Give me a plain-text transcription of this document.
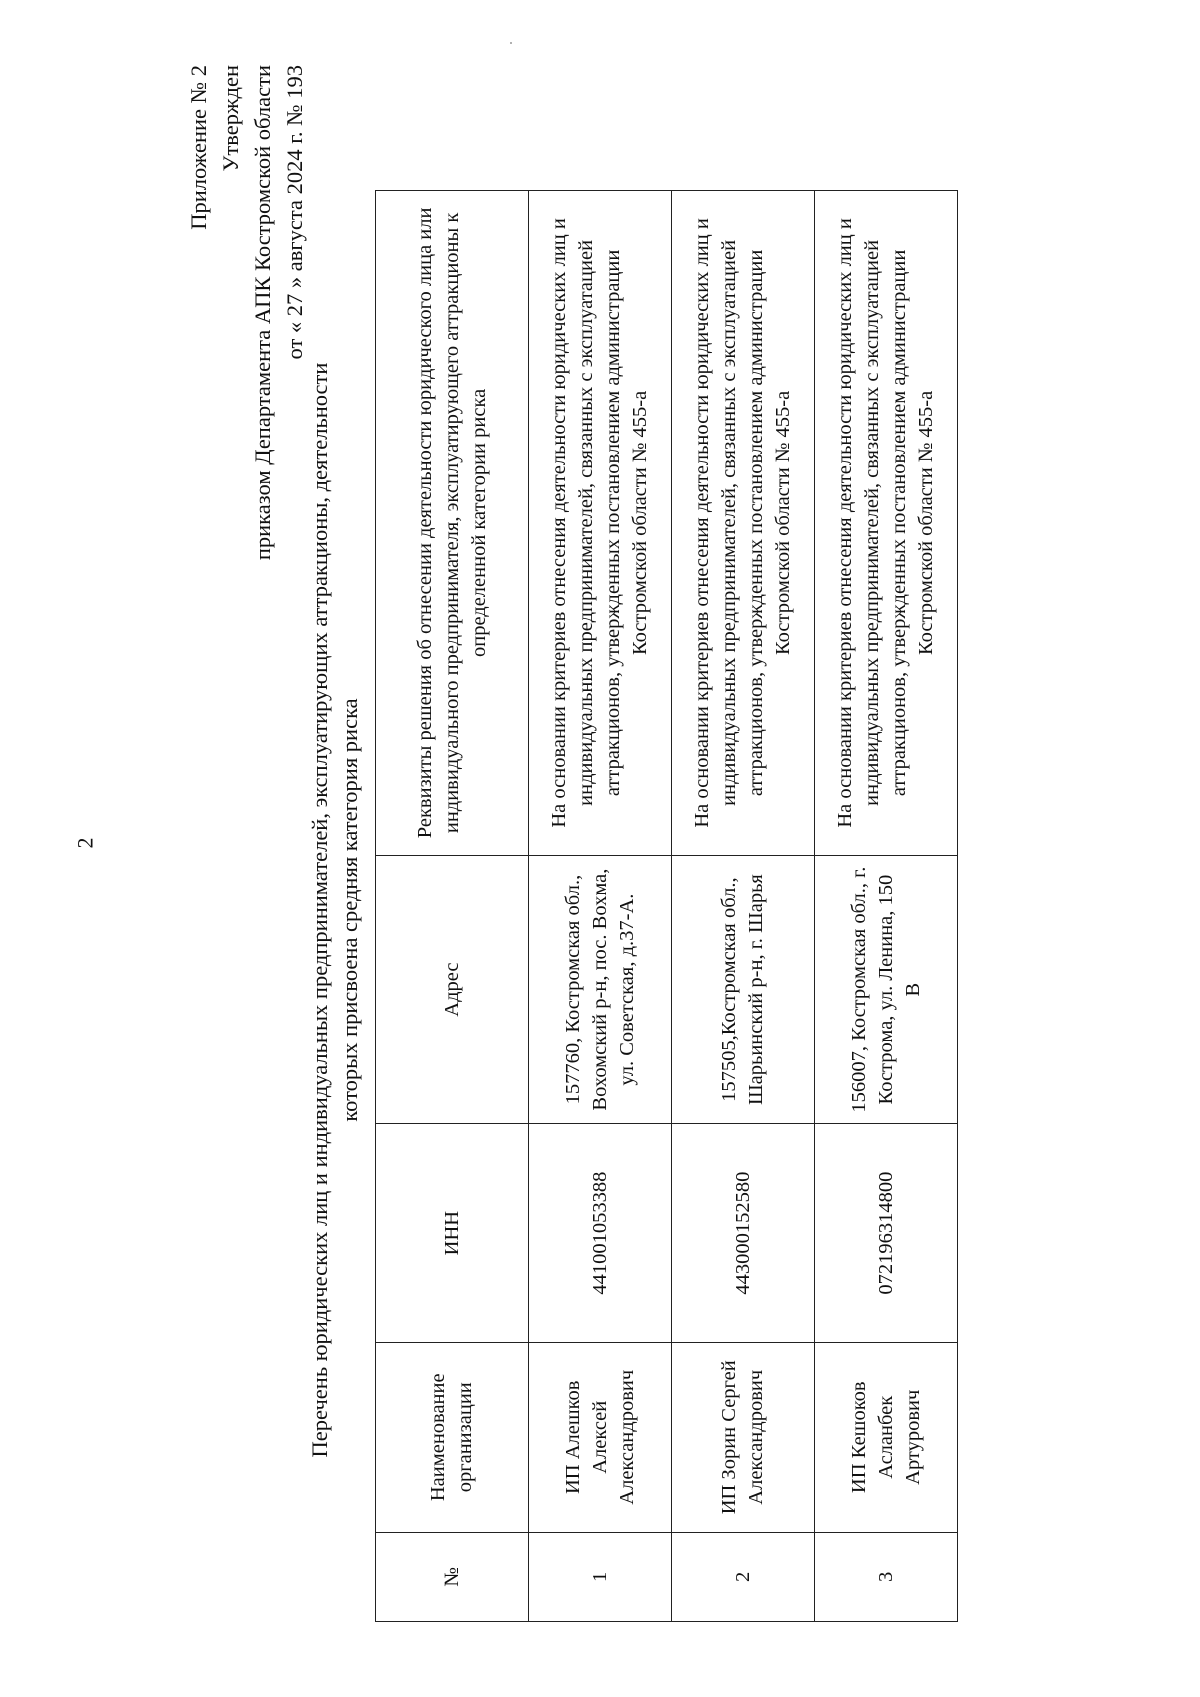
2
Приложение № 2 Утвержден приказом Департамента АПК Костромской области от « 27 » августа 2024 г. № 193
Перечень юридических лиц и индивидуальных предпринимателей, эксплуатирующих аттракционы, деятельности которых присвоена средняя категория риска
№	Наименование организации	ИНН	Адрес	Реквизиты решения об отнесении деятельности юридического лица или индивидуального предпринимателя, эксплуатирующего аттракционы к определенной категории риска
1	ИП Алешков Алексей Александрович	441001053388	157760, Костромская обл., Вохомский р-н, пос. Вохма, ул. Советская, д.37-А.	На основании критериев отнесения деятельности юридических лиц и индивидуальных предпринимателей, связанных с эксплуатацией аттракционов, утвержденных постановлением администрации Костромской области № 455-а
2	ИП Зорин Сергей Александрович	443000152580	157505,Костромская обл., Шарьинский р-н, г. Шарья	На основании критериев отнесения деятельности юридических лиц и индивидуальных предпринимателей, связанных с эксплуатацией аттракционов, утвержденных постановлением администрации Костромской области № 455-а
3	ИП Кешоков Асланбек Артурович	072196314800	156007, Костромская обл., г. Кострома, ул. Ленина, 150 В	На основании критериев отнесения деятельности юридических лиц и индивидуальных предпринимателей, связанных с эксплуатацией аттракционов, утвержденных постановлением администрации Костромской области № 455-а
